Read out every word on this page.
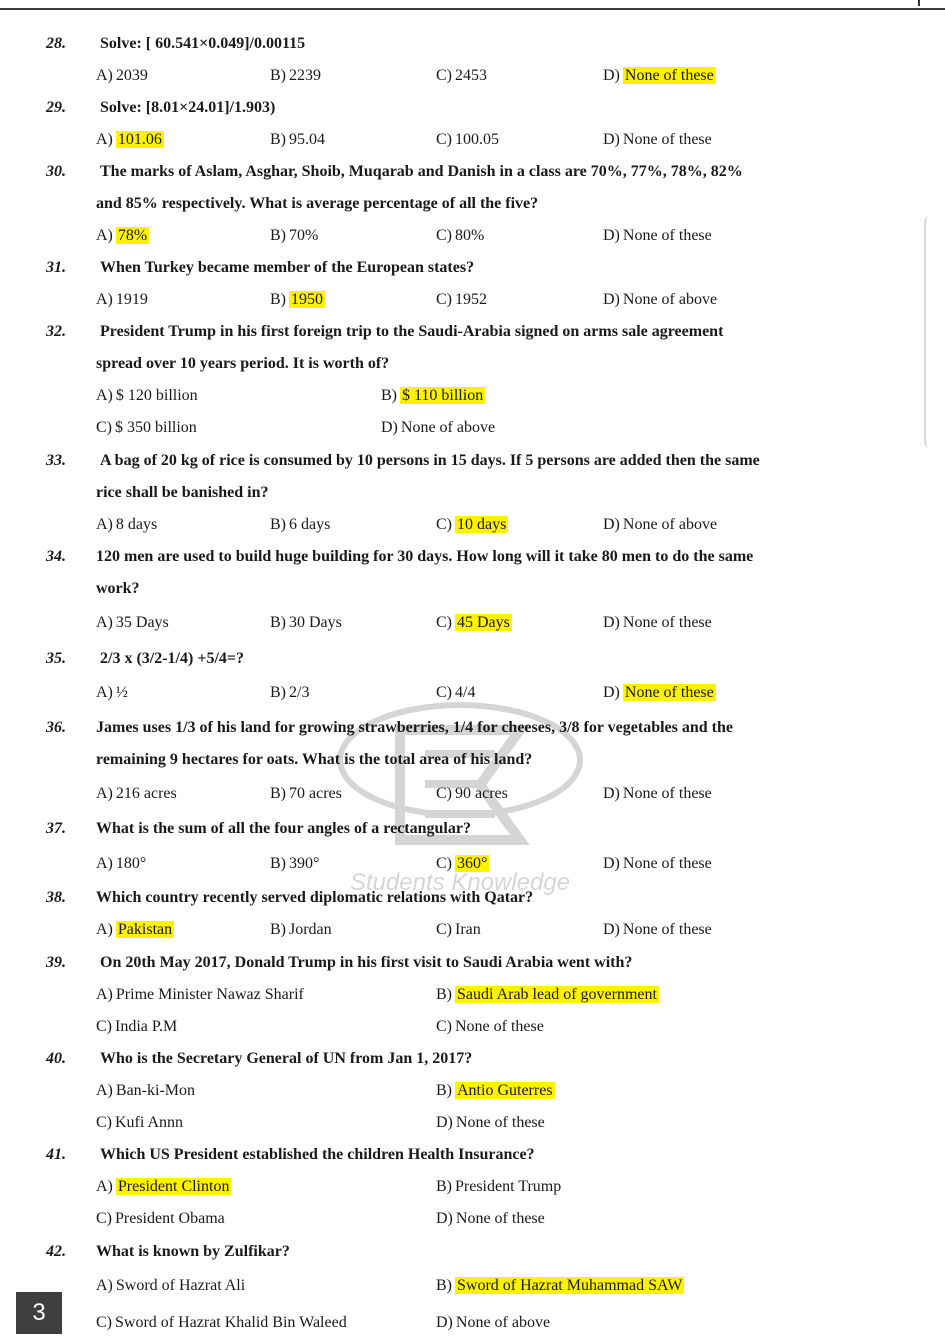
Students Knowledge
28. Solve: [ 60.541×0.049]/0.00115
A) 2039	B) 2239	C) 2453	D) None of these
29. Solve: [8.01×24.01]/1.903)
A) 101.06	B) 95.04	C) 100.05	D) None of these
30. The marks of Aslam, Asghar, Shoib, Muqarab and Danish in a class are 70%, 77%, 78%, 82%
and 85% respectively. What is average percentage of all the five?
A) 78%	B) 70%	C) 80%	D) None of these
31. When Turkey became member of the European states?
A) 1919	B) 1950	C) 1952	D) None of above
32. President Trump in his first foreign trip to the Saudi-Arabia signed on arms sale agreement
spread over 10 years period. It is worth of?
A) $ 120 billion	B) $ 110 billion
C) $ 350 billion	D) None of above
33. A bag of 20 kg of rice is consumed by 10 persons in 15 days. If 5 persons are added then the same
rice shall be banished in?
A) 8 days	B) 6 days	C) 10 days	D) None of above
34. 120 men are used to build huge building for 30 days. How long will it take 80 men to do the same
work?
A) 35 Days	B) 30 Days	C) 45 Days	D) None of these
35. 2/3 x (3/2-1/4) +5/4=?
A) ½	B) 2/3	C) 4/4	D) None of these
36. James uses 1/3 of his land for growing strawberries, 1/4 for cheeses, 3/8 for vegetables and the
remaining 9 hectares for oats. What is the total area of his land?
A) 216 acres	B) 70 acres	C) 90 acres	D) None of these
37. What is the sum of all the four angles of a rectangular?
A) 180°	B) 390°	C) 360°	D) None of these
38. Which country recently served diplomatic relations with Qatar?
A) Pakistan	B) Jordan	C) Iran	D) None of these
39. On 20th May 2017, Donald Trump in his first visit to Saudi Arabia went with?
A) Prime Minister Nawaz Sharif	B) Saudi Arab lead of government
C) India P.M	C) None of these
40. Who is the Secretary General of UN from Jan 1, 2017?
A) Ban-ki-Mon	B) Antio Guterres
C) Kufi Annn	D) None of these
41. Which US President established the children Health Insurance?
A) President Clinton	B) President Trump
C) President Obama	D) None of these
42. What is known by Zulfikar?
A) Sword of Hazrat Ali	B) Sword of Hazrat Muhammad SAW
C) Sword of Hazrat Khalid Bin Waleed	D) None of above
3
